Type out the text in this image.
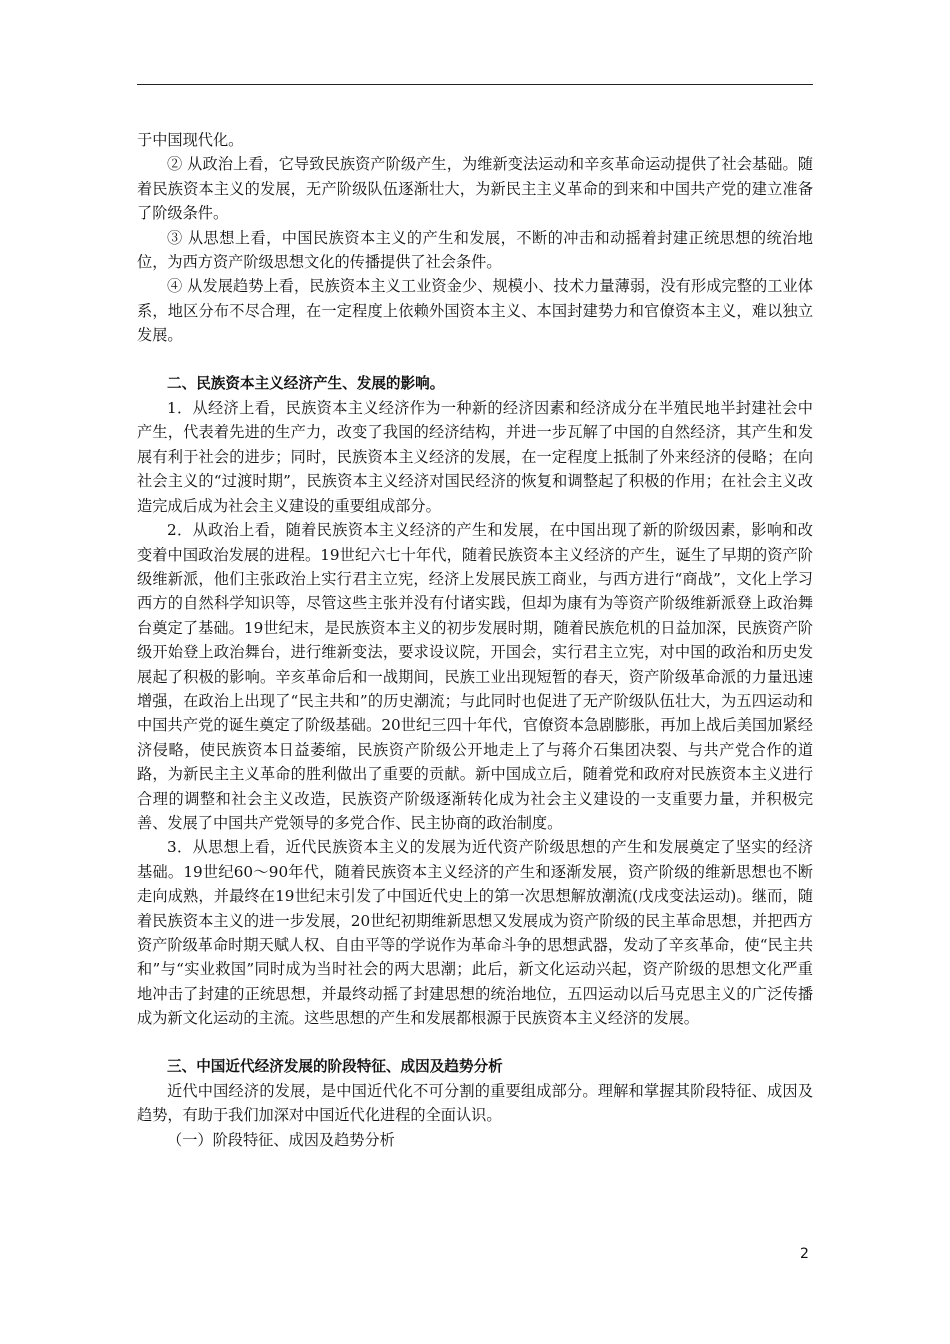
于中国现代化。

② 从政治上看，它导致民族资产阶级产生，为维新变法运动和辛亥革命运动提供了社会基础。随着民族资本主义的发展，无产阶级队伍逐渐壮大，为新民主主义革命的到来和中国共产党的建立准备了阶级条件。

③ 从思想上看，中国民族资本主义的产生和发展，不断的冲击和动摇着封建正统思想的统治地位，为西方资产阶级思想文化的传播提供了社会条件。

④ 从发展趋势上看，民族资本主义工业资金少、规模小、技术力量薄弱，没有形成完整的工业体系，地区分布不尽合理，在一定程度上依赖外国资本主义、本国封建势力和官僚资本主义，难以独立发展。

二、民族资本主义经济产生、发展的影响。

1．从经济上看，民族资本主义经济作为一种新的经济因素和经济成分在半殖民地半封建社会中产生，代表着先进的生产力，改变了我国的经济结构，并进一步瓦解了中国的自然经济，其产生和发展有利于社会的进步；同时，民族资本主义经济的发展，在一定程度上抵制了外来经济的侵略；在向社会主义的“过渡时期”，民族资本主义经济对国民经济的恢复和调整起了积极的作用；在社会主义改造完成后成为社会主义建设的重要组成部分。

2．从政治上看，随着民族资本主义经济的产生和发展，在中国出现了新的阶级因素，影响和改变着中国政治发展的进程。19世纪六七十年代，随着民族资本主义经济的产生，诞生了早期的资产阶级维新派，他们主张政治上实行君主立宪，经济上发展民族工商业，与西方进行“商战”，文化上学习西方的自然科学知识等，尽管这些主张并没有付诸实践，但却为康有为等资产阶级维新派登上政治舞台奠定了基础。19世纪末，是民族资本主义的初步发展时期，随着民族危机的日益加深，民族资产阶级开始登上政治舞台，进行维新变法，要求设议院，开国会，实行君主立宪，对中国的政治和历史发展起了积极的影响。辛亥革命后和一战期间，民族工业出现短暂的春天，资产阶级革命派的力量迅速增强，在政治上出现了“民主共和”的历史潮流；与此同时也促进了无产阶级队伍壮大，为五四运动和中国共产党的诞生奠定了阶级基础。20世纪三四十年代，官僚资本急剧膨胀，再加上战后美国加紧经济侵略，使民族资本日益萎缩，民族资产阶级公开地走上了与蒋介石集团决裂、与共产党合作的道路，为新民主主义革命的胜利做出了重要的贡献。新中国成立后，随着党和政府对民族资本主义进行合理的调整和社会主义改造，民族资产阶级逐渐转化成为社会主义建设的一支重要力量，并积极完善、发展了中国共产党领导的多党合作、民主协商的政治制度。

3．从思想上看，近代民族资本主义的发展为近代资产阶级思想的产生和发展奠定了坚实的经济基础。19世纪60～90年代，随着民族资本主义经济的产生和逐渐发展，资产阶级的维新思想也不断走向成熟，并最终在19世纪末引发了中国近代史上的第一次思想解放潮流(戊戌变法运动)。继而，随着民族资本主义的进一步发展，20世纪初期维新思想又发展成为资产阶级的民主革命思想，并把西方资产阶级革命时期天赋人权、自由平等的学说作为革命斗争的思想武器，发动了辛亥革命，使“民主共和”与“实业救国”同时成为当时社会的两大思潮；此后，新文化运动兴起，资产阶级的思想文化严重地冲击了封建的正统思想，并最终动摇了封建思想的统治地位，五四运动以后马克思主义的广泛传播成为新文化运动的主流。这些思想的产生和发展都根源于民族资本主义经济的发展。

三、中国近代经济发展的阶段特征、成因及趋势分析

近代中国经济的发展，是中国近代化不可分割的重要组成部分。理解和掌握其阶段特征、成因及趋势，有助于我们加深对中国近代化进程的全面认识。

（一）阶段特征、成因及趋势分析

2
